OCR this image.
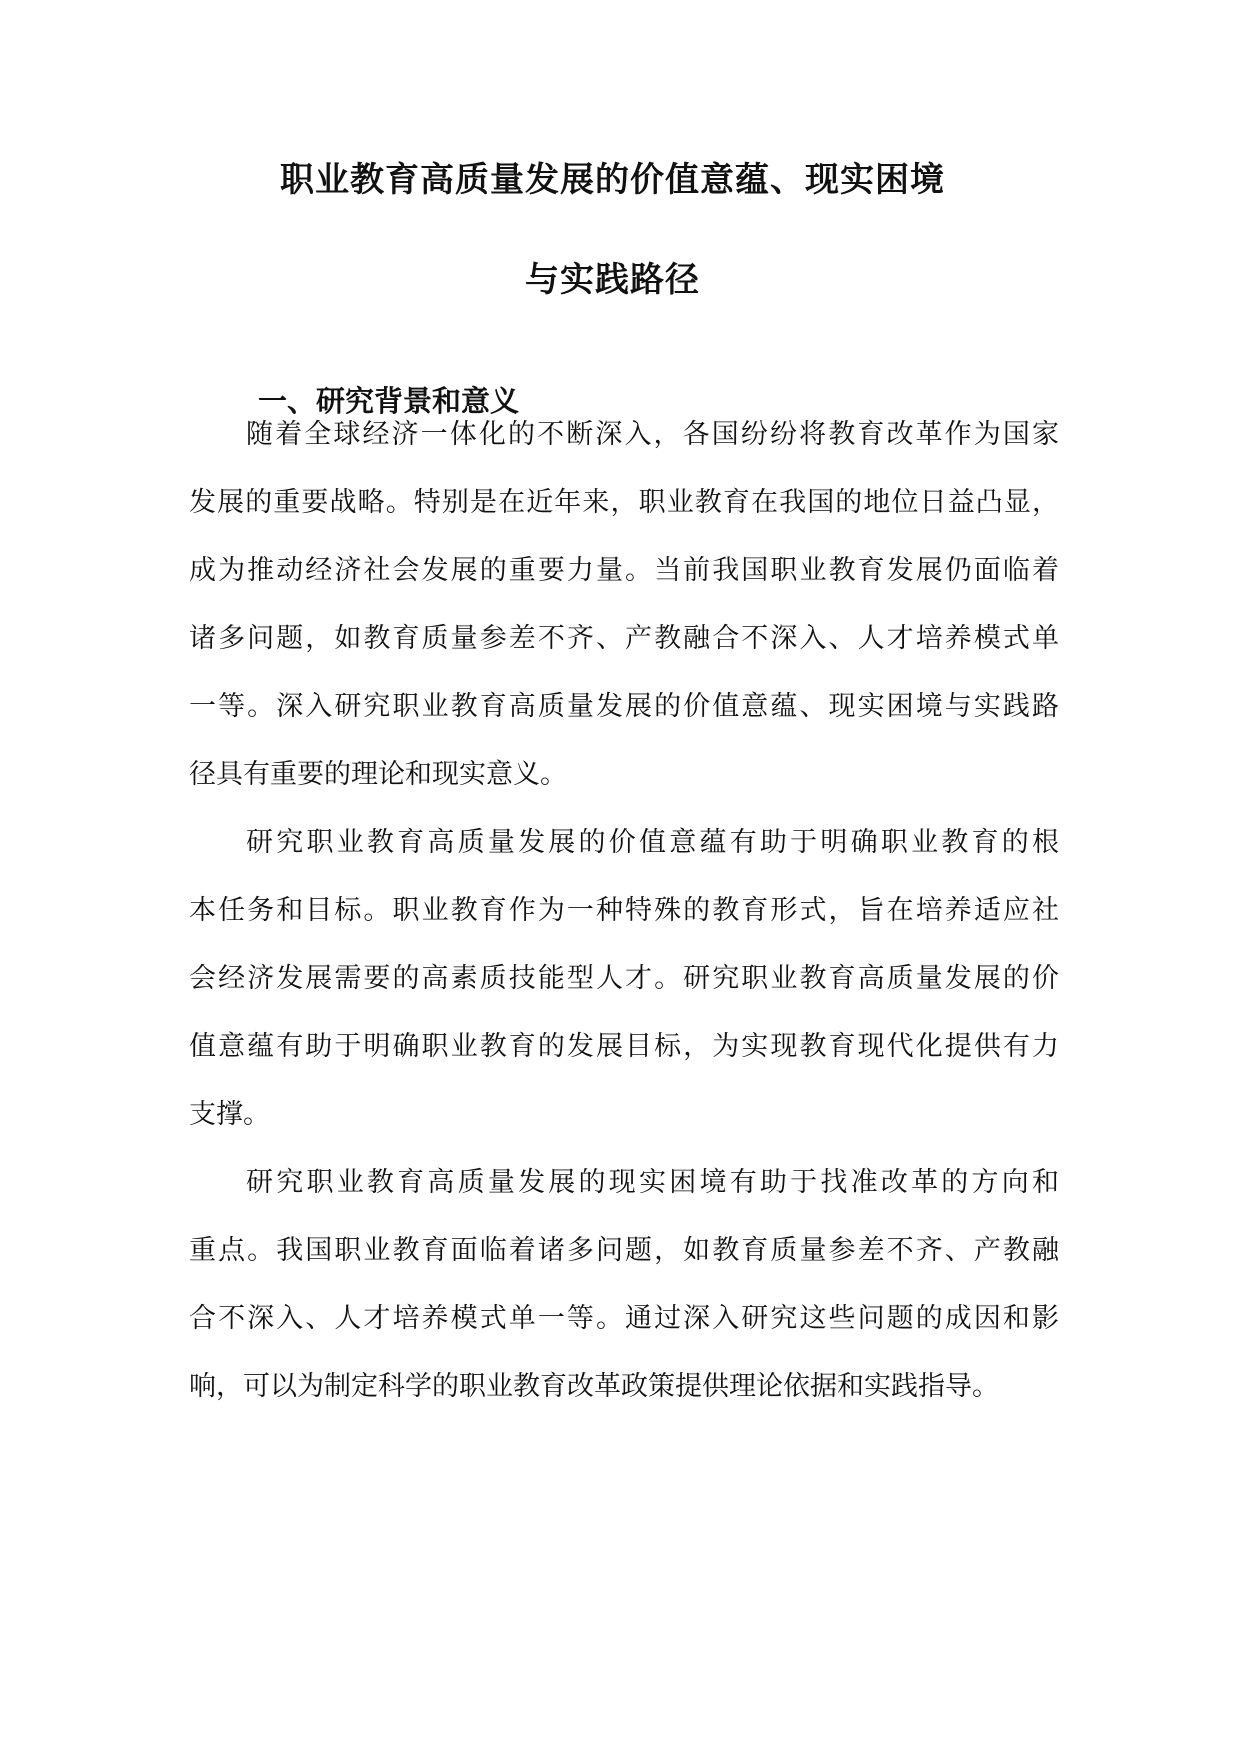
职业教育高质量发展的价值意蕴、现实困境
与实践路径
一、研究背景和意义
随着全球经济一体化的不断深入，各国纷纷将教育改革作为国家
发展的重要战略。特别是在近年来，职业教育在我国的地位日益凸显，
成为推动经济社会发展的重要力量。当前我国职业教育发展仍面临着
诸多问题，如教育质量参差不齐、产教融合不深入、人才培养模式单
一等。深入研究职业教育高质量发展的价值意蕴、现实困境与实践路
径具有重要的理论和现实意义。
研究职业教育高质量发展的价值意蕴有助于明确职业教育的根
本任务和目标。职业教育作为一种特殊的教育形式，旨在培养适应社
会经济发展需要的高素质技能型人才。研究职业教育高质量发展的价
值意蕴有助于明确职业教育的发展目标，为实现教育现代化提供有力
支撑。
研究职业教育高质量发展的现实困境有助于找准改革的方向和
重点。我国职业教育面临着诸多问题，如教育质量参差不齐、产教融
合不深入、人才培养模式单一等。通过深入研究这些问题的成因和影
响，可以为制定科学的职业教育改革政策提供理论依据和实践指导。
